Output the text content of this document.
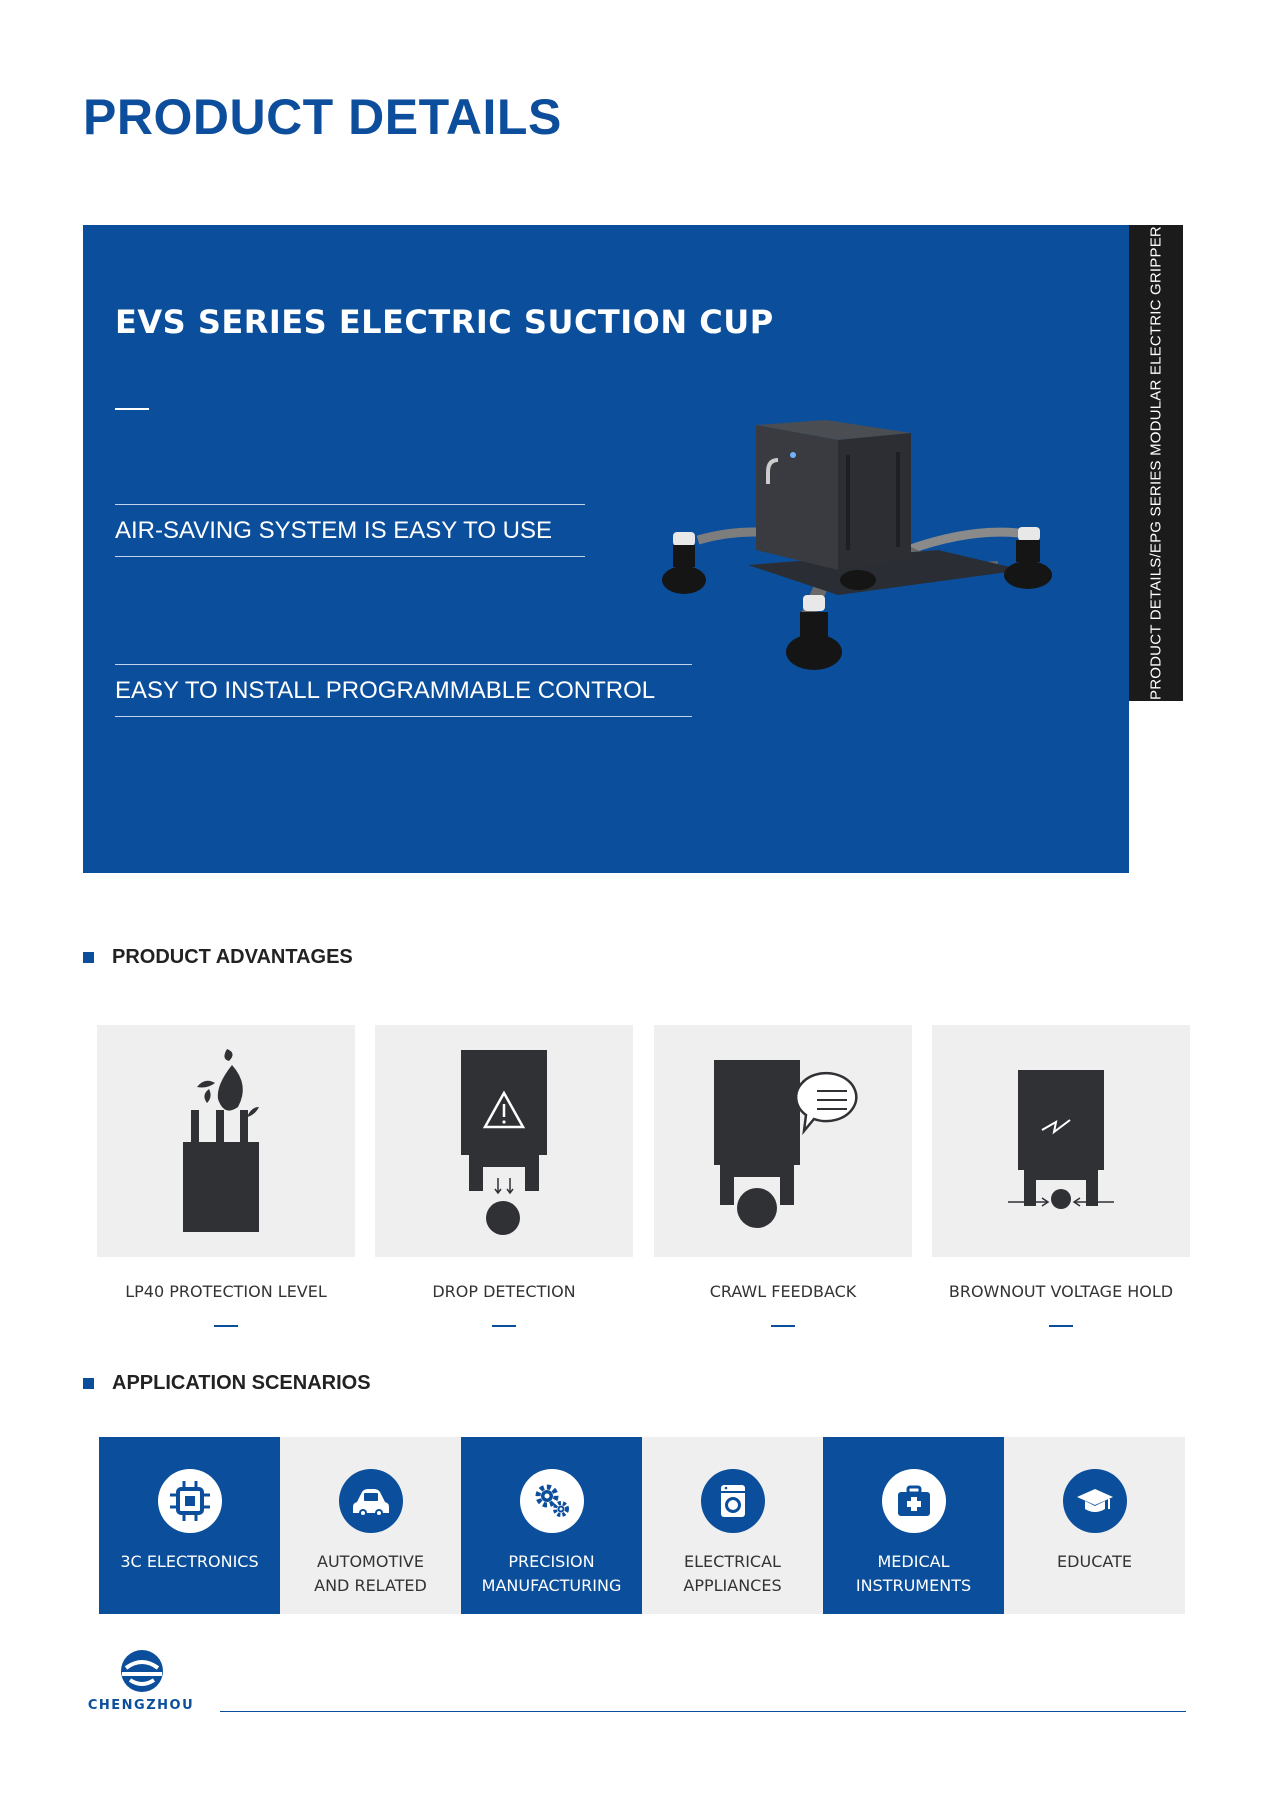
PRODUCT DETAILS
EVS SERIES ELECTRIC SUCTION CUP
AIR-SAVING SYSTEM IS EASY TO USE
EASY TO INSTALL PROGRAMMABLE CONTROL	PRODUCT DETAILS/EPG SERIES MODULAR ELECTRIC GRIPPER
PRODUCT ADVANTAGES
LP40 PROTECTION LEVEL	DROP DETECTION	CRAWL FEEDBACK	BROWNOUT VOLTAGE HOLD
APPLICATION SCENARIOS
3C ELECTRONICS	AUTOMOTIVE
AND RELATED
PRECISION
MANUFACTURING
ELECTRICAL
APPLIANCES
MEDICAL
INSTRUMENTS
EDUCATE
CHENGZHOU
